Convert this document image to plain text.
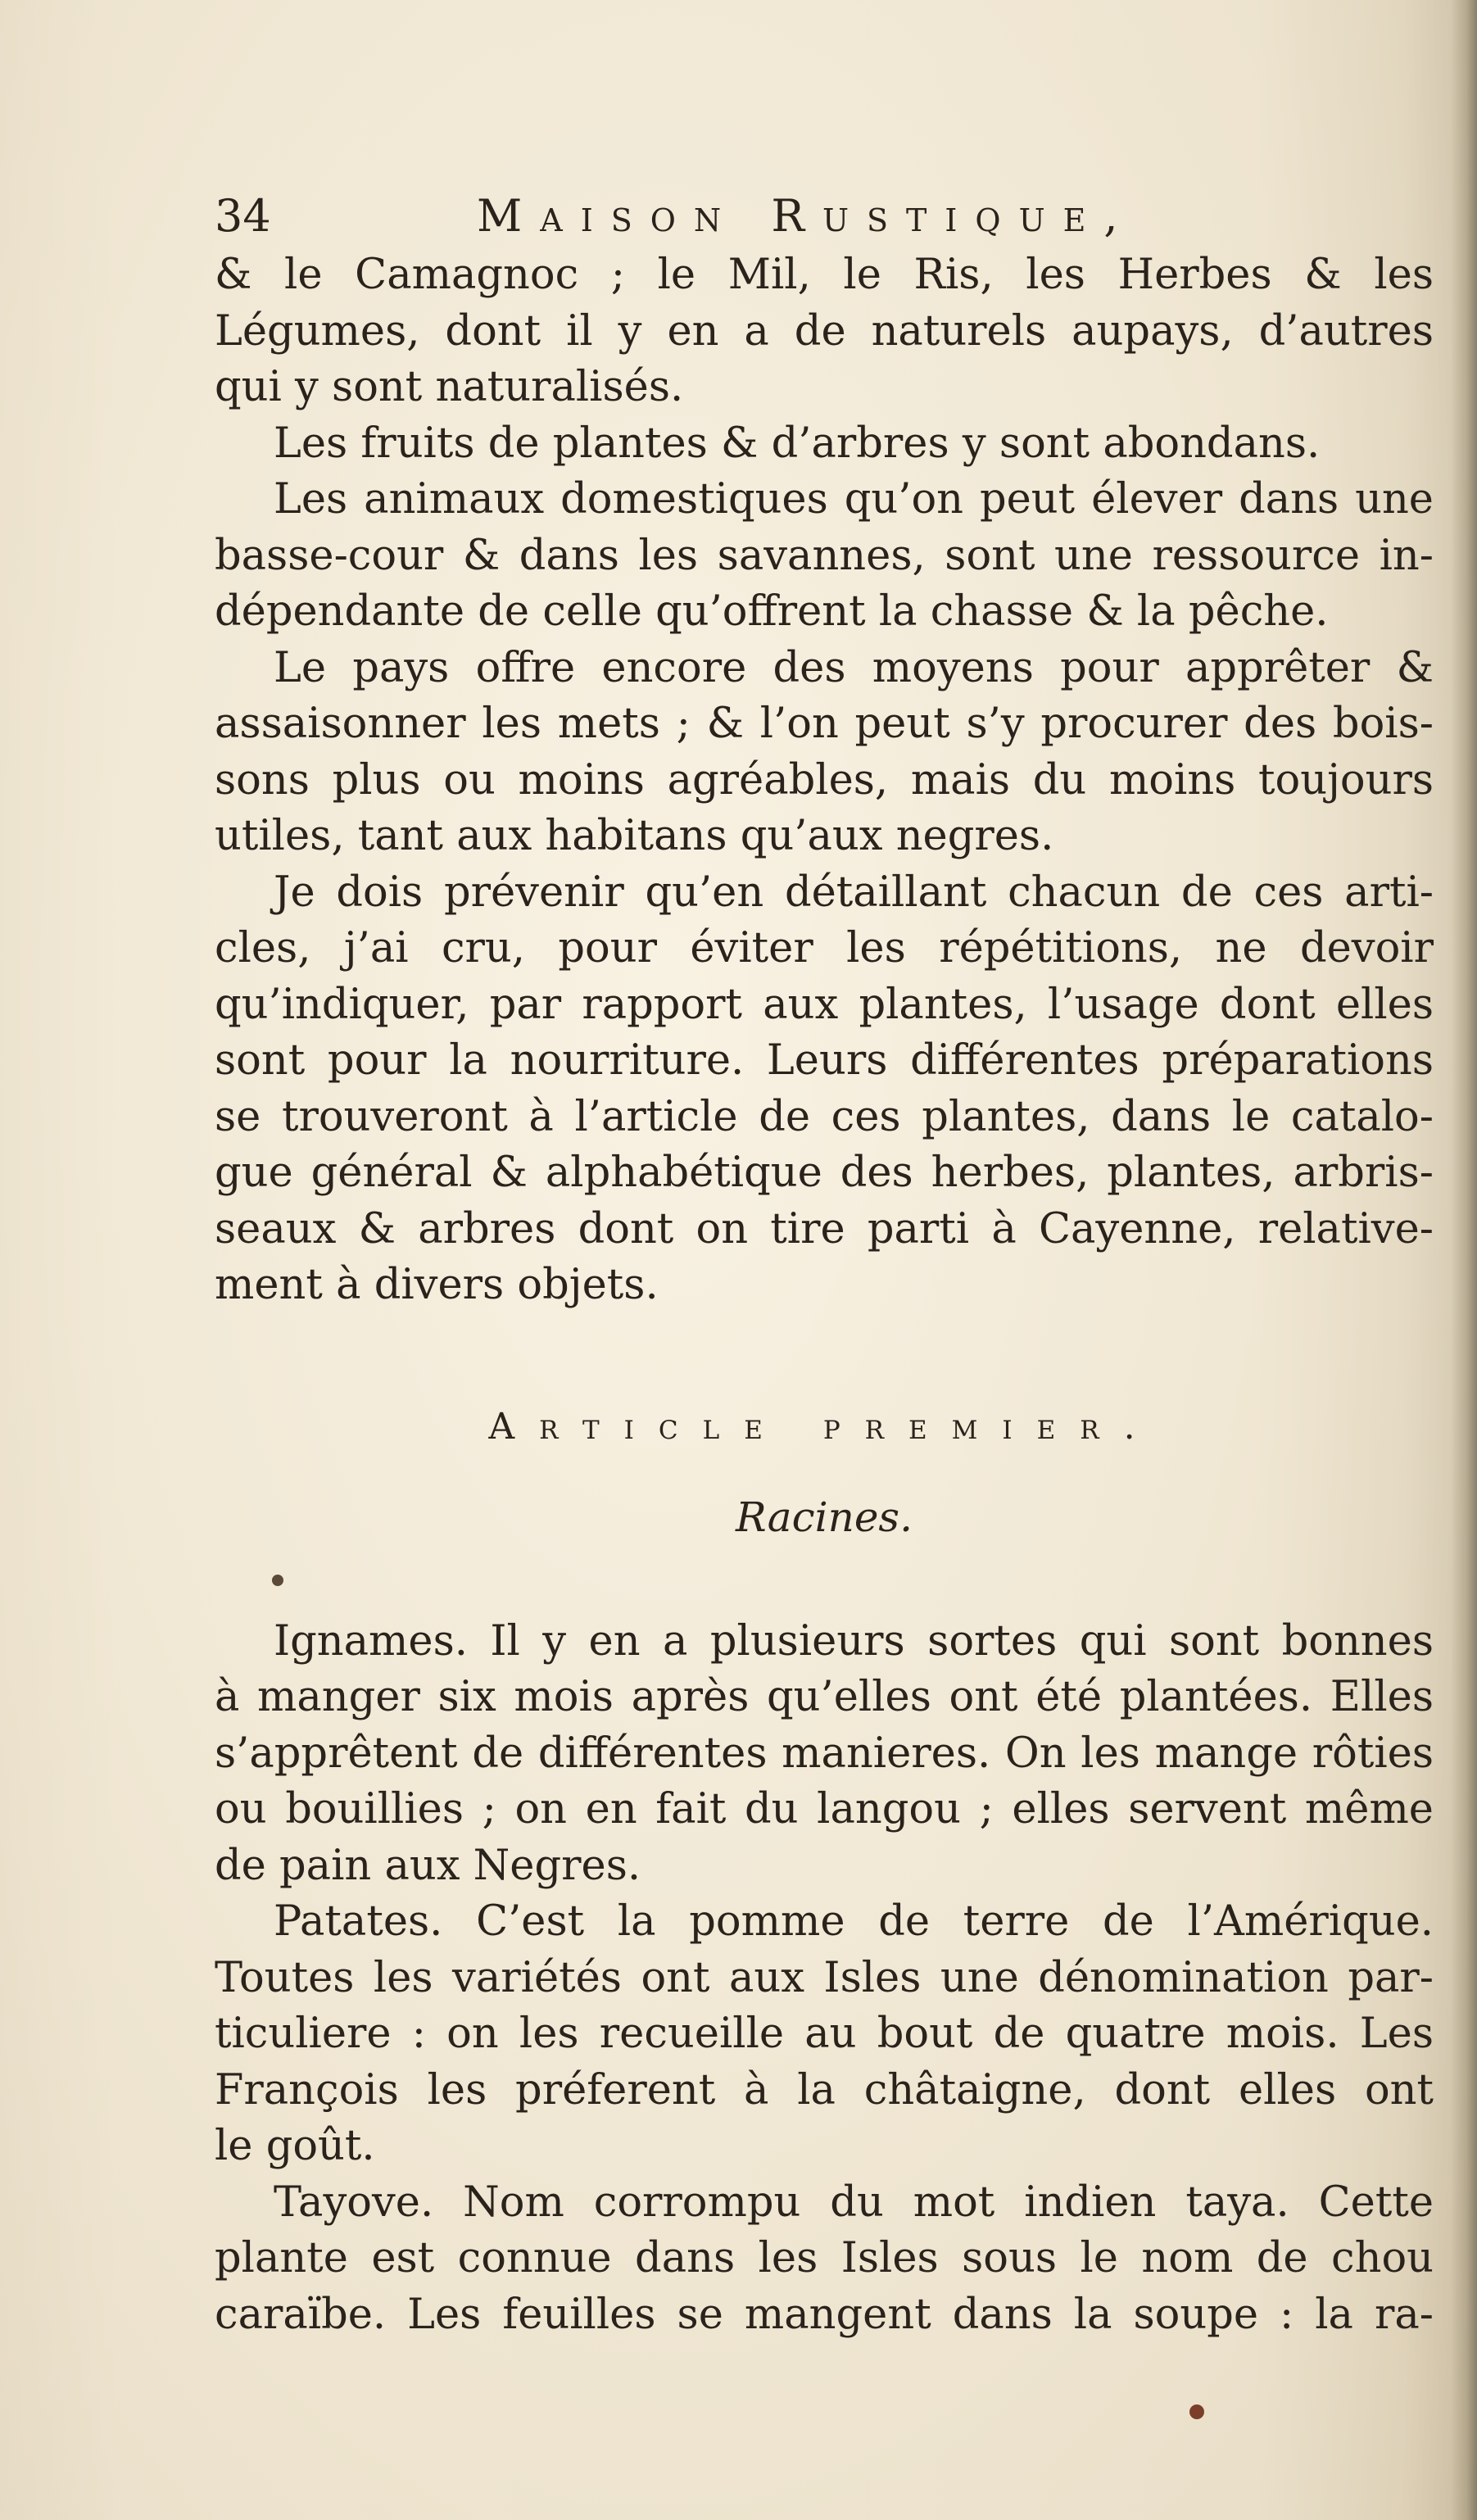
34	Maison Rustique,
& le Camagnoc ; le Mil, le Ris, les Herbes & les
Légumes, dont il y en a de naturels aupays, d’autres
qui y sont naturalisés.
Les fruits de plantes & d’arbres y sont abondans.
Les animaux domestiques qu’on peut élever dans une
basse-cour & dans les savannes, sont une ressource in-
dépendante de celle qu’offrent la chasse & la pêche.
Le pays offre encore des moyens pour apprêter &
assaisonner les mets ; & l’on peut s’y procurer des bois-
sons plus ou moins agréables, mais du moins toujours
utiles, tant aux habitans qu’aux negres.
Je dois prévenir qu’en détaillant chacun de ces arti-
cles, j’ai cru, pour éviter les répétitions, ne devoir
qu’indiquer, par rapport aux plantes, l’usage dont elles
sont pour la nourriture. Leurs différentes préparations
se trouveront à l’article de ces plantes, dans le catalo-
gue général & alphabétique des herbes, plantes, arbris-
seaux & arbres dont on tire parti à Cayenne, relative-
ment à divers objets.
Article premier.
Racines.
Ignames. Il y en a plusieurs sortes qui sont bonnes
à manger six mois après qu’elles ont été plantées. Elles
s’apprêtent de différentes manieres. On les mange rôties
ou bouillies ; on en fait du langou ; elles servent même
de pain aux Negres.
Patates. C’est la pomme de terre de l’Amérique.
Toutes les variétés ont aux Isles une dénomination par-
ticuliere : on les recueille au bout de quatre mois. Les
François les préferent à la châtaigne, dont elles ont
le goût.
Tayove. Nom corrompu du mot indien taya. Cette
plante est connue dans les Isles sous le nom de chou
caraïbe. Les feuilles se mangent dans la soupe : la ra-
